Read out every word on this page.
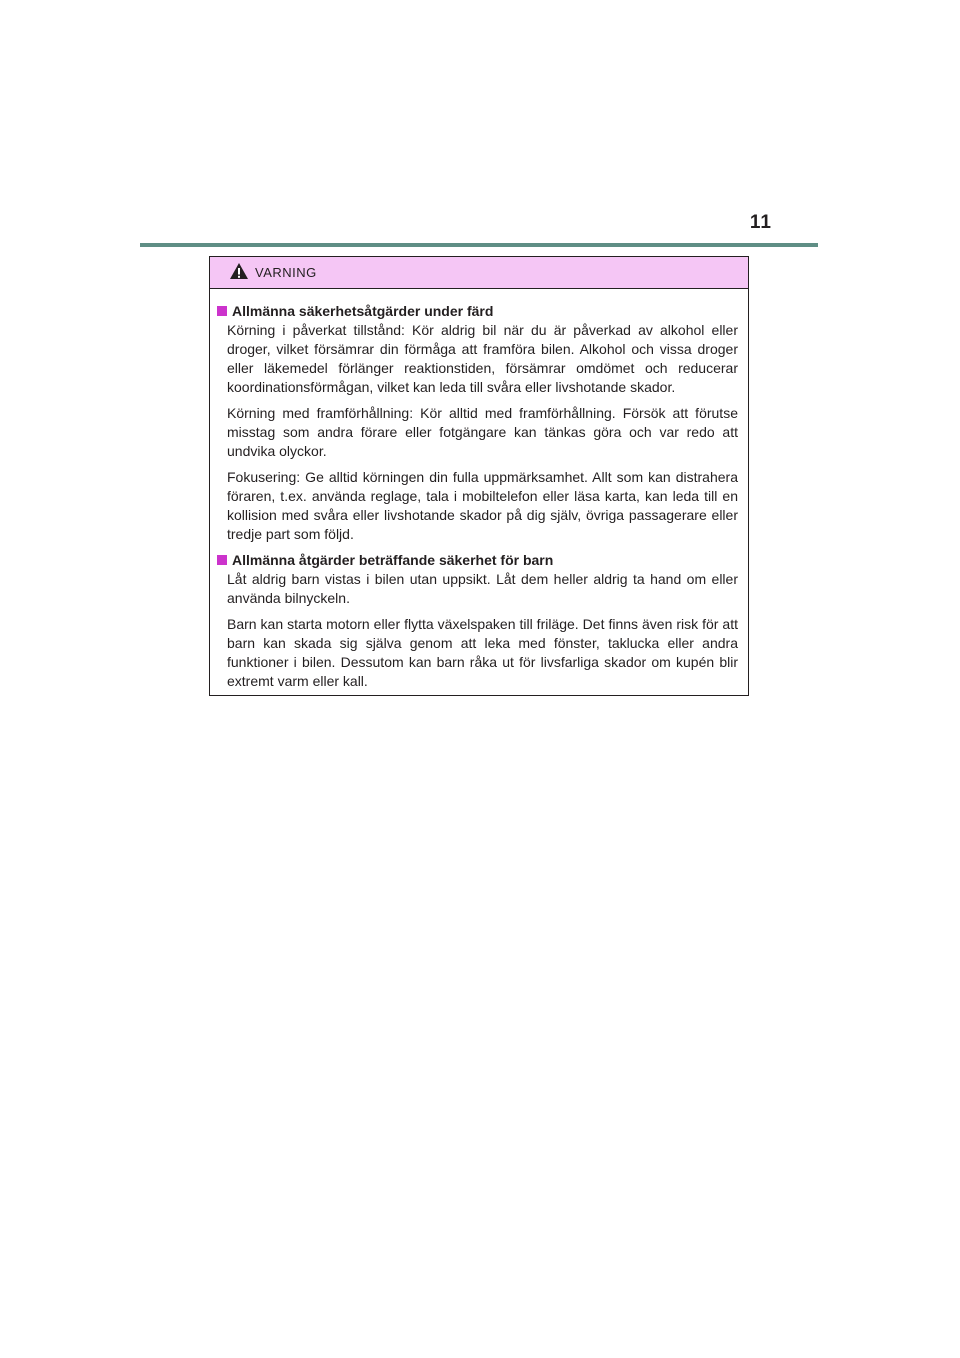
11
VARNING
Allmänna säkerhetsåtgärder under färd

Körning i påverkat tillstånd: Kör aldrig bil när du är påverkad av alkohol eller droger, vilket försämrar din förmåga att framföra bilen. Alkohol och vissa droger eller läkemedel förlänger reaktionstiden, försämrar omdömet och reducerar koordinationsförmågan, vilket kan leda till svåra eller livshotande skador.

Körning med framförhållning: Kör alltid med framförhållning. Försök att förutse misstag som andra förare eller fotgängare kan tänkas göra och var redo att undvika olyckor.

Fokusering: Ge alltid körningen din fulla uppmärksamhet. Allt som kan distrahera föraren, t.ex. använda reglage, tala i mobiltelefon eller läsa karta, kan leda till en kollision med svåra eller livshotande skador på dig själv, övriga passagerare eller tredje part som följd.

Allmänna åtgärder beträffande säkerhet för barn

Låt aldrig barn vistas i bilen utan uppsikt. Låt dem heller aldrig ta hand om eller använda bilnyckeln.

Barn kan starta motorn eller flytta växelspaken till friläge. Det finns även risk för att barn kan skada sig själva genom att leka med fönster, taklucka eller andra funktioner i bilen. Dessutom kan barn råka ut för livsfarliga skador om kupén blir extremt varm eller kall.
